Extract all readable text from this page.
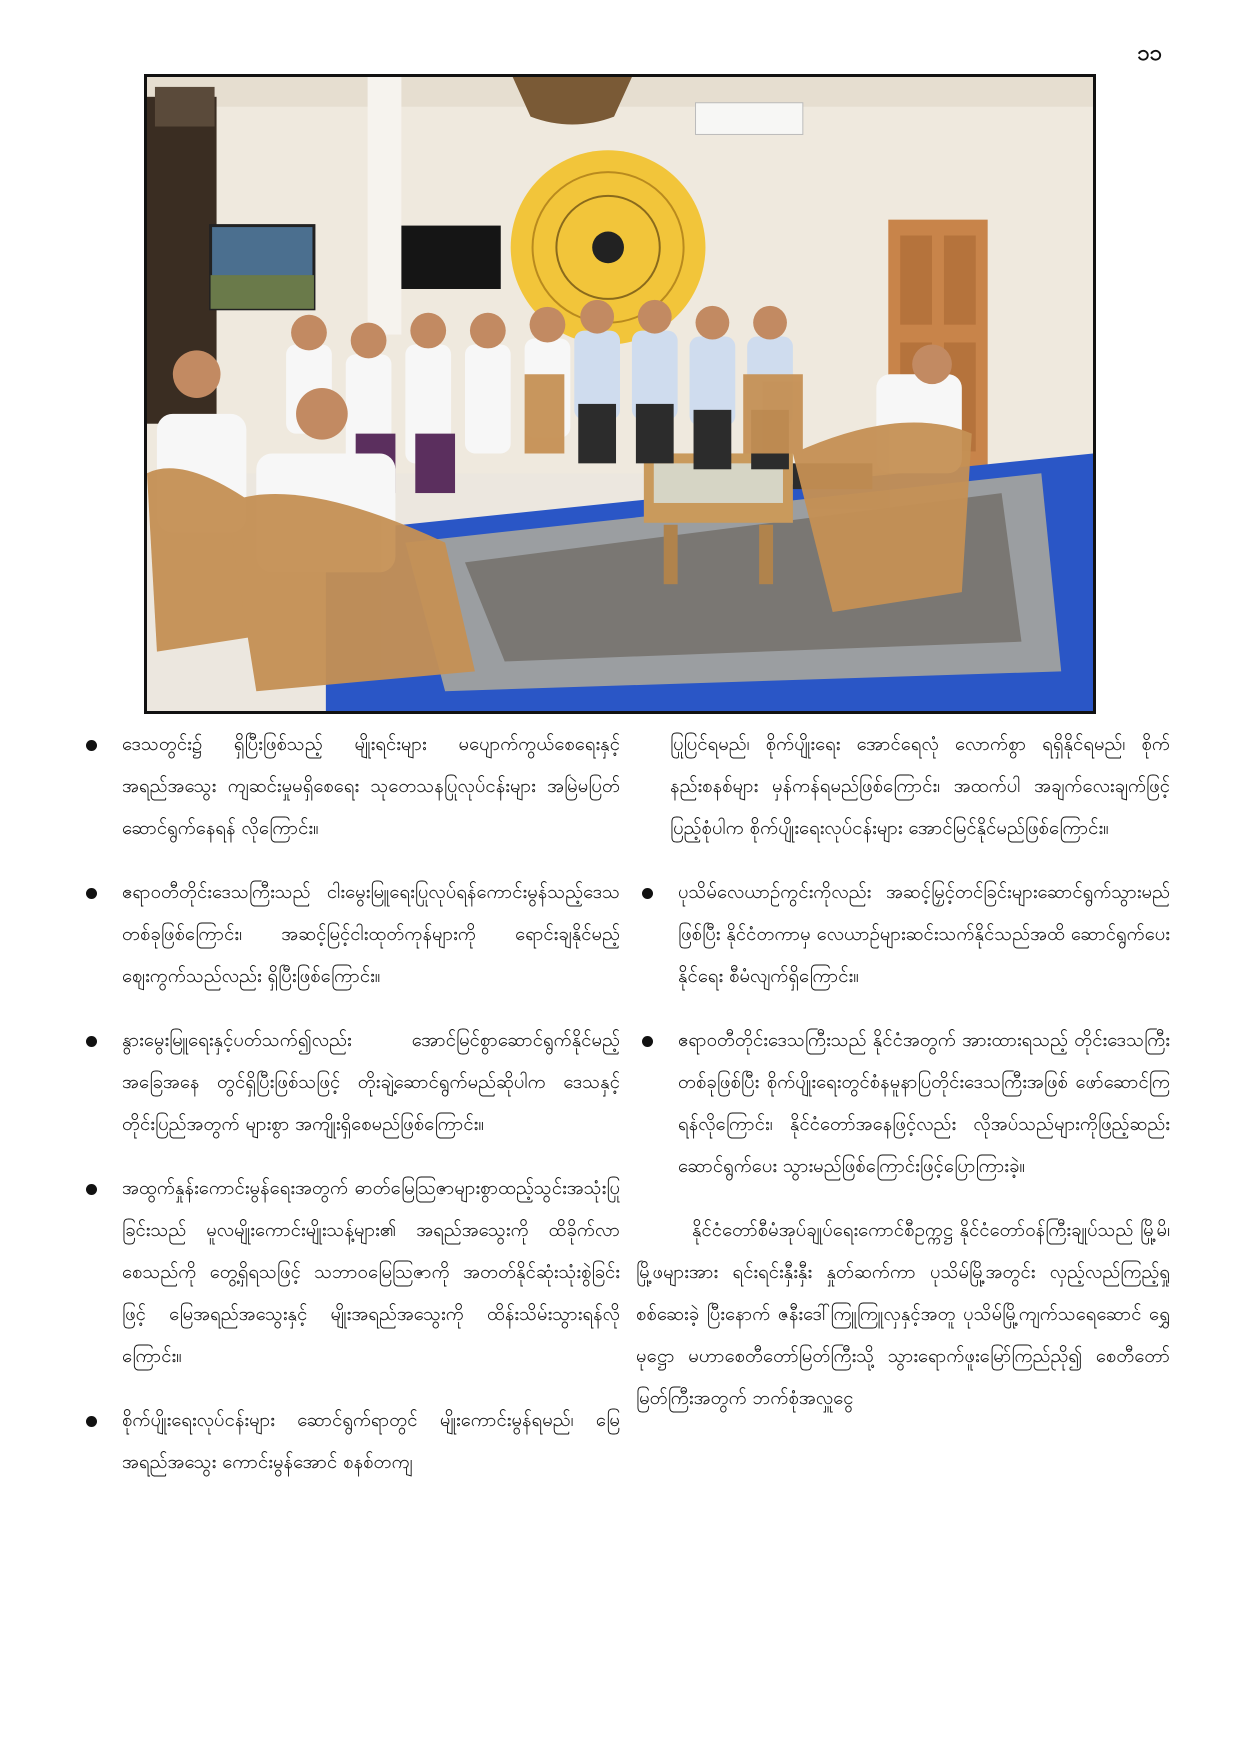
၁၁
ဒေသတွင်း၌ ရှိပြီးဖြစ်သည့် မျိုးရင်းများ မပျောက်ကွယ်စေရေးနှင့် အရည်အသွေး ကျဆင်းမှုမရှိစေရေး သုတေသနပြုလုပ်ငန်းများ အမြဲမပြတ် ဆောင်ရွက်နေရန် လိုကြောင်း။
ဧရာဝတီတိုင်းဒေသကြီးသည် ငါးမွေးမြူရေးပြုလုပ်ရန်ကောင်းမွန်သည့်ဒေသတစ်ခုဖြစ်ကြောင်း၊ အဆင့်မြင့်ငါးထုတ်ကုန်များကို ရောင်းချနိုင်မည့် ဈေးကွက်သည်လည်း ရှိပြီးဖြစ်ကြောင်း။
နွားမွေးမြူရေးနှင့်ပတ်သက်၍လည်း အောင်မြင်စွာဆောင်ရွက်နိုင်မည့် အခြေအနေ တွင်ရှိပြီးဖြစ်သဖြင့် တိုးချဲ့ဆောင်ရွက်မည်ဆိုပါက ဒေသနှင့်တိုင်းပြည်အတွက် များစွာ အကျိုးရှိစေမည်ဖြစ်ကြောင်း။
အထွက်နှုန်းကောင်းမွန်ရေးအတွက် ဓာတ်မြေသြဇာများစွာထည့်သွင်းအသုံးပြုခြင်းသည် မူလမျိုးကောင်းမျိုးသန့်များ၏ အရည်အသွေးကို ထိခိုက်လာစေသည်ကို တွေ့ရှိရသဖြင့် သဘာဝမြေသြဇာကို အတတ်နိုင်ဆုံးသုံးစွဲခြင်းဖြင့် မြေအရည်အသွေးနှင့် မျိုးအရည်အသွေးကို ထိန်းသိမ်းသွားရန်လိုကြောင်း။
စိုက်ပျိုးရေးလုပ်ငန်းများ ဆောင်ရွက်ရာတွင် မျိုးကောင်းမွန်ရမည်၊ မြေအရည်အသွေး ကောင်းမွန်အောင် စနစ်တကျ
ပြုပြင်ရမည်၊ စိုက်ပျိုးရေး အောင်ရေလုံ လောက်စွာ ရရှိနိုင်ရမည်၊ စိုက်နည်းစနစ်များ မှန်ကန်ရမည်ဖြစ်ကြောင်း၊ အထက်ပါ အချက်လေးချက်ဖြင့် ပြည့်စုံပါက စိုက်ပျိုးရေးလုပ်ငန်းများ အောင်မြင်နိုင်မည်ဖြစ်ကြောင်း။
ပုသိမ်လေယာဉ်ကွင်းကိုလည်း အဆင့်မြှင့်တင်ခြင်းများဆောင်ရွက်သွားမည်ဖြစ်ပြီး နိုင်ငံတကာမှ လေယာဉ်များဆင်းသက်နိုင်သည်အထိ ဆောင်ရွက်ပေးနိုင်ရေး စီမံလျက်ရှိကြောင်း။
ဧရာဝတီတိုင်းဒေသကြီးသည် နိုင်ငံအတွက် အားထားရသည့် တိုင်းဒေသကြီးတစ်ခုဖြစ်ပြီး စိုက်ပျိုးရေးတွင်စံနမူနာပြတိုင်းဒေသကြီးအဖြစ် ဖော်ဆောင်ကြရန်လိုကြောင်း၊ နိုင်ငံတော်အနေဖြင့်လည်း လိုအပ်သည်များကိုဖြည့်ဆည်းဆောင်ရွက်ပေး သွားမည်ဖြစ်ကြောင်းဖြင့်ပြောကြားခဲ့။
နိုင်ငံတော်စီမံအုပ်ချုပ်ရေးကောင်စီဥက္ကဋ္ဌ နိုင်ငံတော်ဝန်ကြီးချုပ်သည် မြို့မိ၊ မြို့ဖများအား ရင်းရင်းနှီးနှီး နှုတ်ဆက်ကာ ပုသိမ်မြို့အတွင်း လှည့်လည်ကြည့်ရှု စစ်ဆေးခဲ့ ပြီးနောက် ဇနီးဒေါ်ကြူကြူလှနှင့်အတူ ပုသိမ်မြို့ကျက်သရေဆောင် ရွှေမုဋ္ဌော မဟာစေတီတော်မြတ်ကြီးသို့ သွားရောက်ဖူးမြော်ကြည်ညို၍ စေတီတော်မြတ်ကြီးအတွက် ဘက်စုံအလှူငွေ
